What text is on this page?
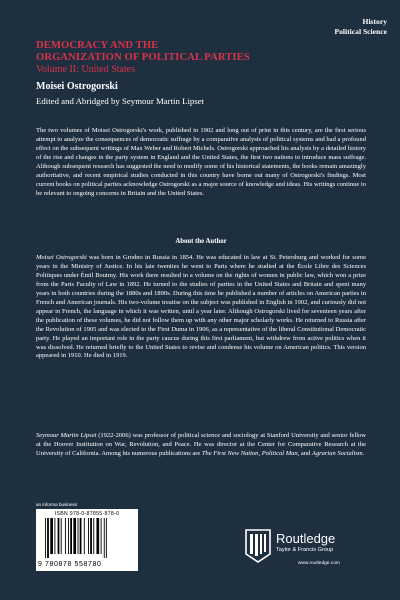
History
Political Science
DEMOCRACY AND THE
ORGANIZATION OF POLITICAL PARTIES
Volume II: United States
Moisei Ostrogorski
Edited and Abridged by Seymour Martin Lipset

The two volumes of Moisei Ostrogorski's work, published in 1902 and long out of print in this century, are the first serious attempt to analyze the consequences of democratic suffrage by a comparative analysis of political systems and had a profound effect on the subsequent writings of Max Weber and Robert Michels. Ostrogorski approached his analysis by a detailed history of the rise and changes in the party system in England and the United States, the first two nations to introduce mass suffrage. Although subsequent research has suggested the need to modify some of his historical statements, the books remain amazingly authoritative, and recent empirical studies conducted in this country have borne out many of Ostrogorski's findings. Most current books on political parties acknowledge Ostrogorski as a major source of knowledge and ideas. His writings continue to be relevant to ongoing concerns in Britain and the United States.

About the Author

Moisei Ostrogorski was born in Grodno in Russia in 1854. He was educated in law at St. Petersburg and worked for some years in the Ministry of Justice. In his late twenties he went to Paris where he studied at the École Libre des Sciences Politiques under Émil Boutmy. His work there resulted in a volume on the rights of women in public law, which won a prize from the Paris Faculty of Law in 1892. He turned to the studies of parties in the United States and Britain and spent many years in both countries during the 1880s and 1890s. During this time he published a number of articles on American parties in French and American journals. His two-volume treatise on the subject was published in English in 1902, and curiously did not appear in French, the language in which it was written, until a year later. Although Ostrogorski lived for seventeen years after the publication of these volumes, he did not follow them up with any other major scholarly works. He returned to Russia after the Revolution of 1905 and was elected to the First Duma in 1906, as a representative of the liberal Constitutional Democratic party. He played an important role in the party caucus during this first parliament, but withdrew from active politics when it was dissolved. He returned briefly to the United States to revise and condense his volume on American politics. This version appeared in 1910. He died in 1919.

Seymour Martin Lipset (1922-2006) was professor of political science and sociology at Stanford University and senior fellow at the Hoover Institution on War, Revolution, and Peace. He was director at the Center for Comparative Research at the University of California. Among his numerous publications are The First New Nation, Political Man, and Agrarian Socialism.

an informa business
ISBN 978-0-87855-878-0
9 780878 558780
Routledge
Taylor & Francis Group
www.routledge.com
